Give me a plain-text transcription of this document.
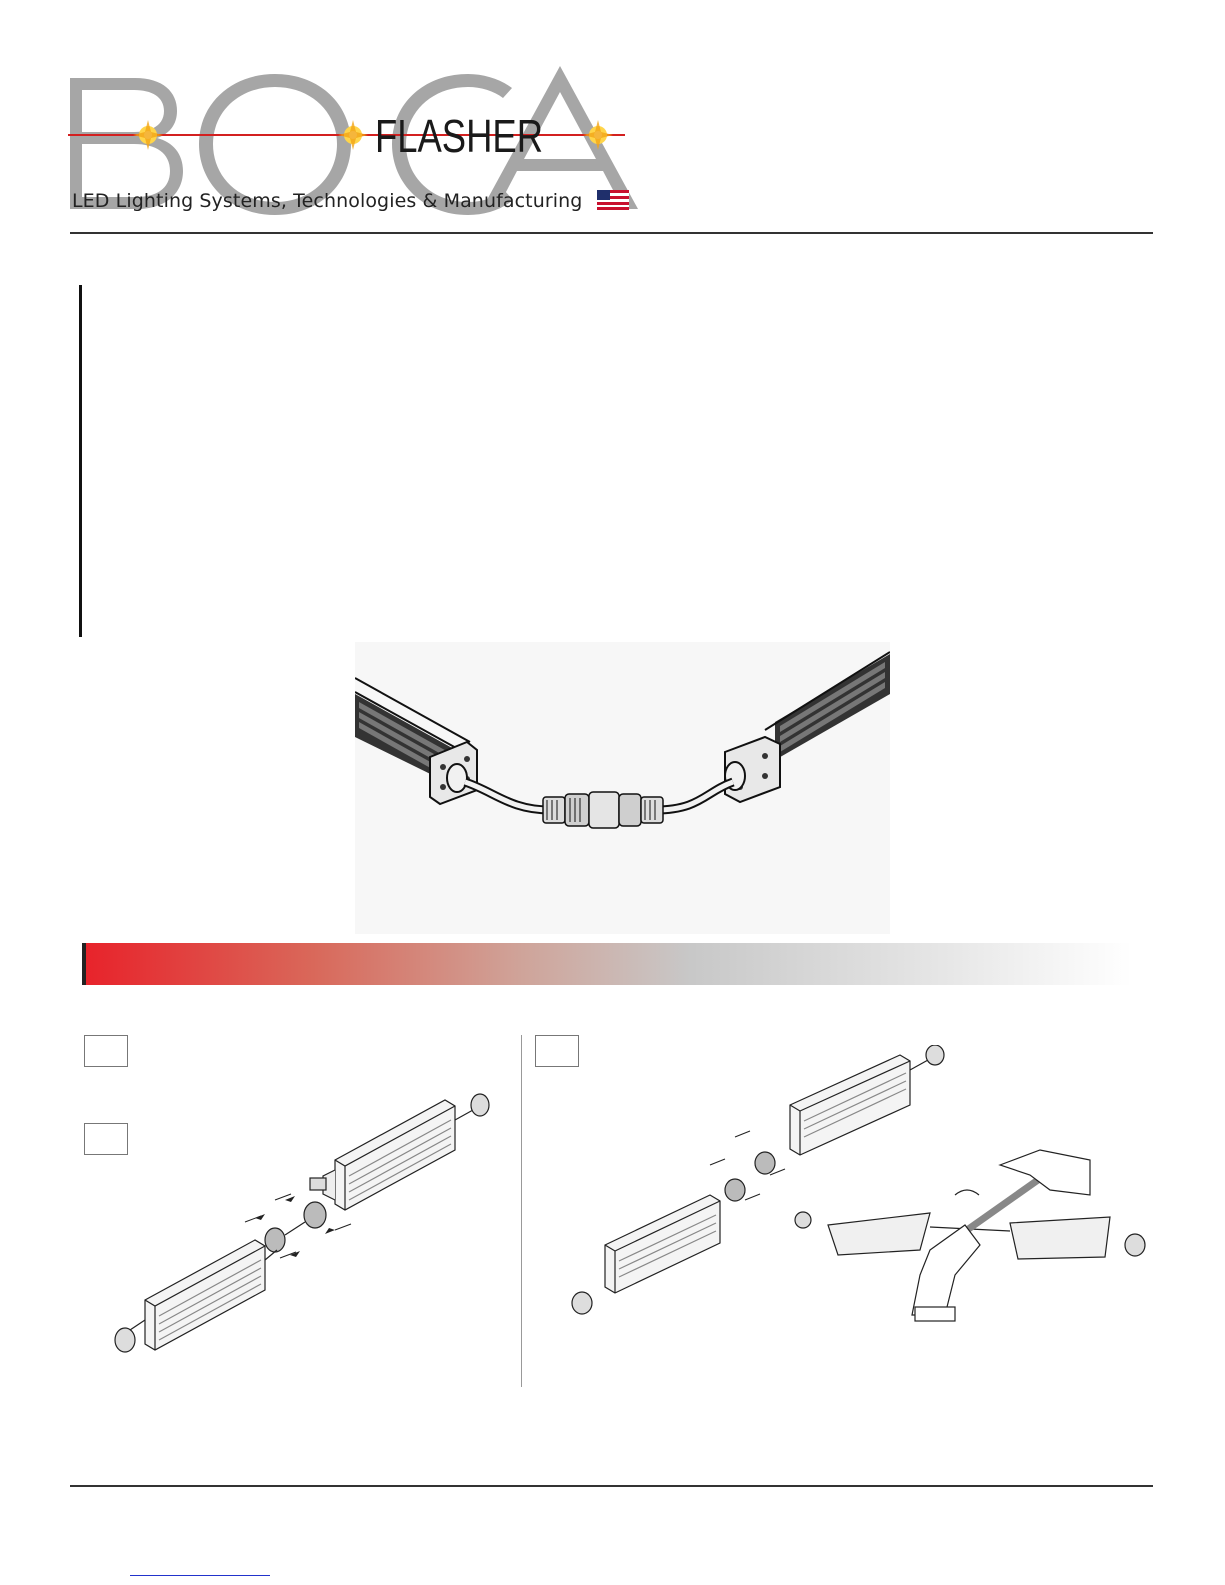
FLASHER
LED Lighting Systems, Technologies & Manufacturing
